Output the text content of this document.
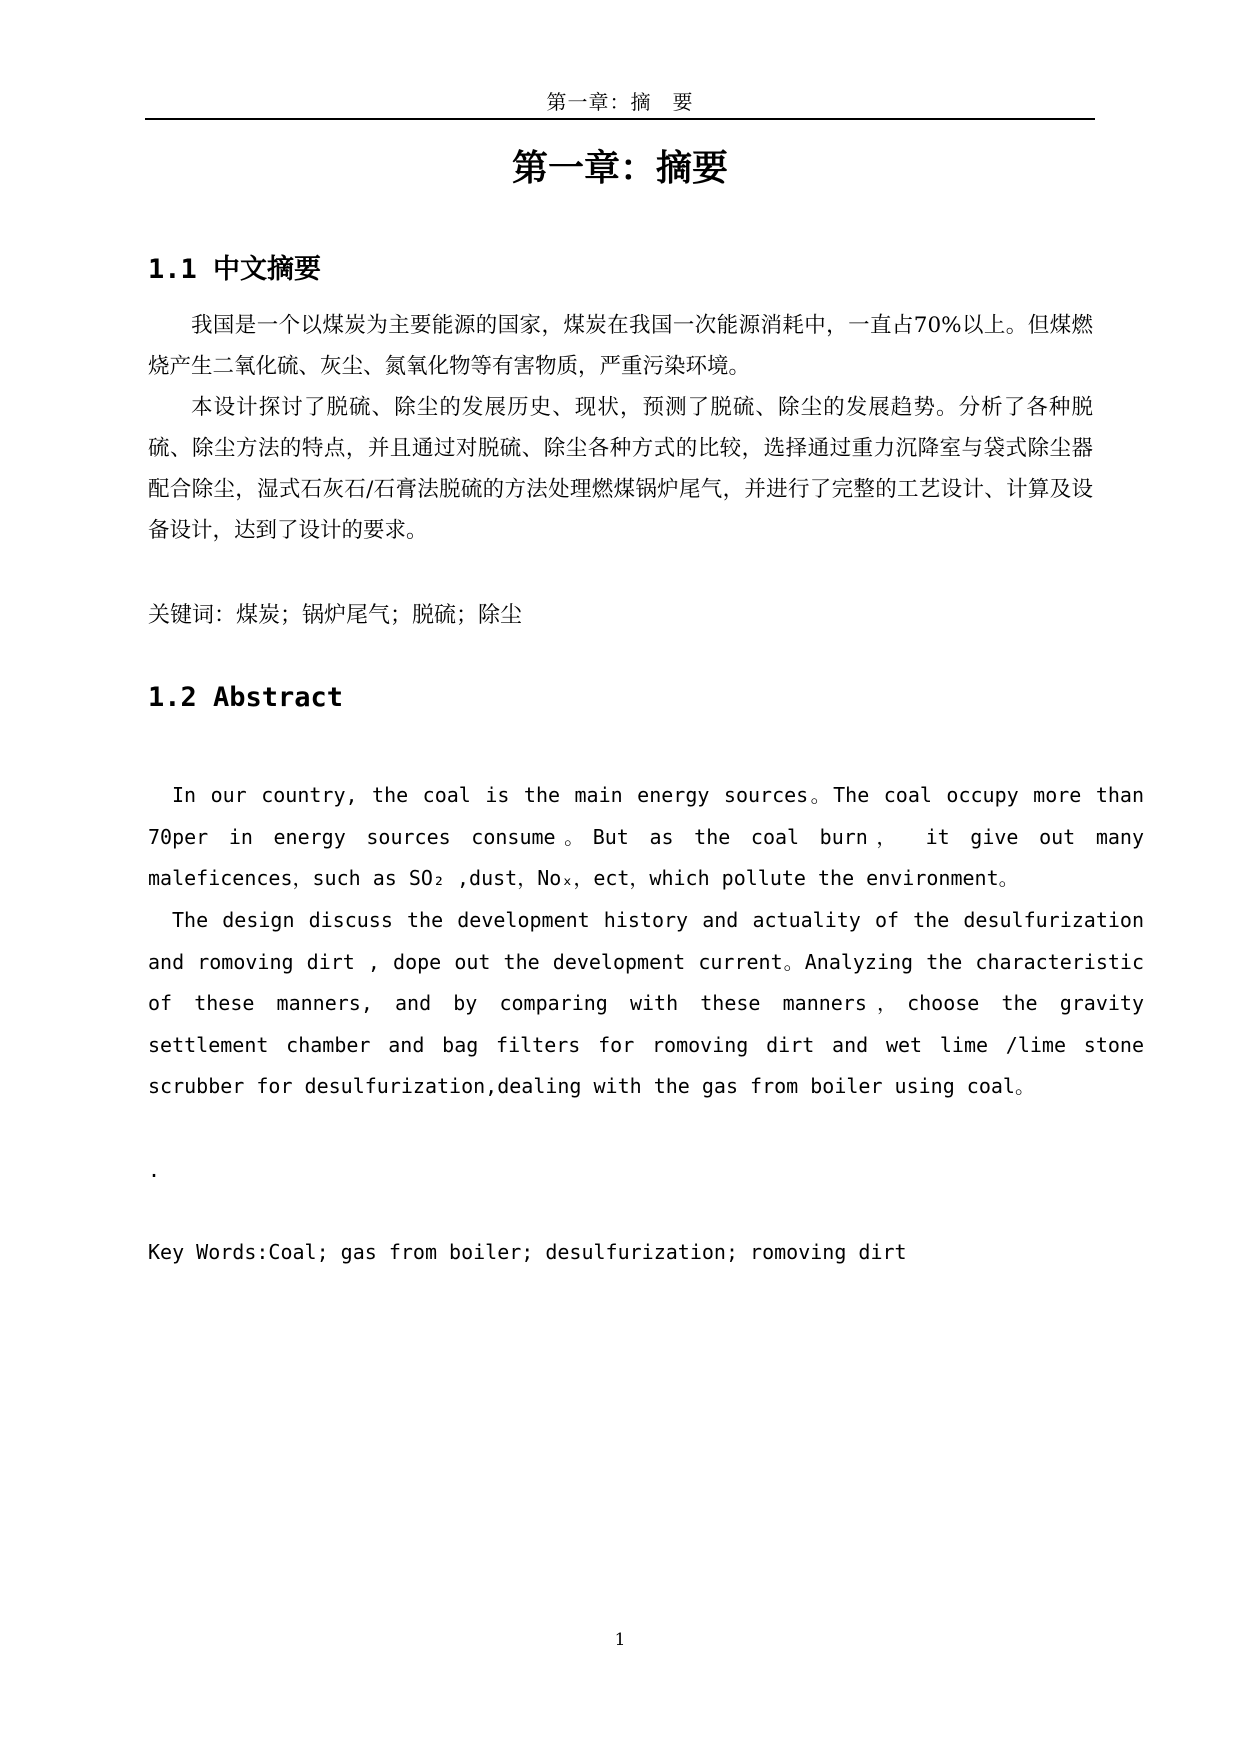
第一章：摘　要
第一章：摘要
1.1 中文摘要

我国是一个以煤炭为主要能源的国家，煤炭在我国一次能源消耗中，一直占70%以上。但煤燃烧产生二氧化硫、灰尘、氮氧化物等有害物质，严重污染环境。

本设计探讨了脱硫、除尘的发展历史、现状，预测了脱硫、除尘的发展趋势。分析了各种脱硫、除尘方法的特点，并且通过对脱硫、除尘各种方式的比较，选择通过重力沉降室与袋式除尘器配合除尘，湿式石灰石/石膏法脱硫的方法处理燃煤锅炉尾气，并进行了完整的工艺设计、计算及设备设计，达到了设计的要求。

关键词：煤炭；锅炉尾气；脱硫；除尘

1.2 Abstract

In our country, the coal is the main energy sources。The coal occupy more than 70per in energy sources consume。But as the coal burn， it give out many maleficences，such as SO₂ ,dust，Noₓ，ect，which pollute the environment。

The design discuss the development history and actuality of the desulfurization and romoving dirt , dope out the development current。Analyzing the characteristic of these manners, and by comparing with these manners，choose the gravity settlement chamber and bag filters for romoving dirt and wet lime /lime stone scrubber for desulfurization,dealing with the gas from boiler using coal。

.

Key Words:Coal; gas from boiler; desulfurization; romoving dirt

1
